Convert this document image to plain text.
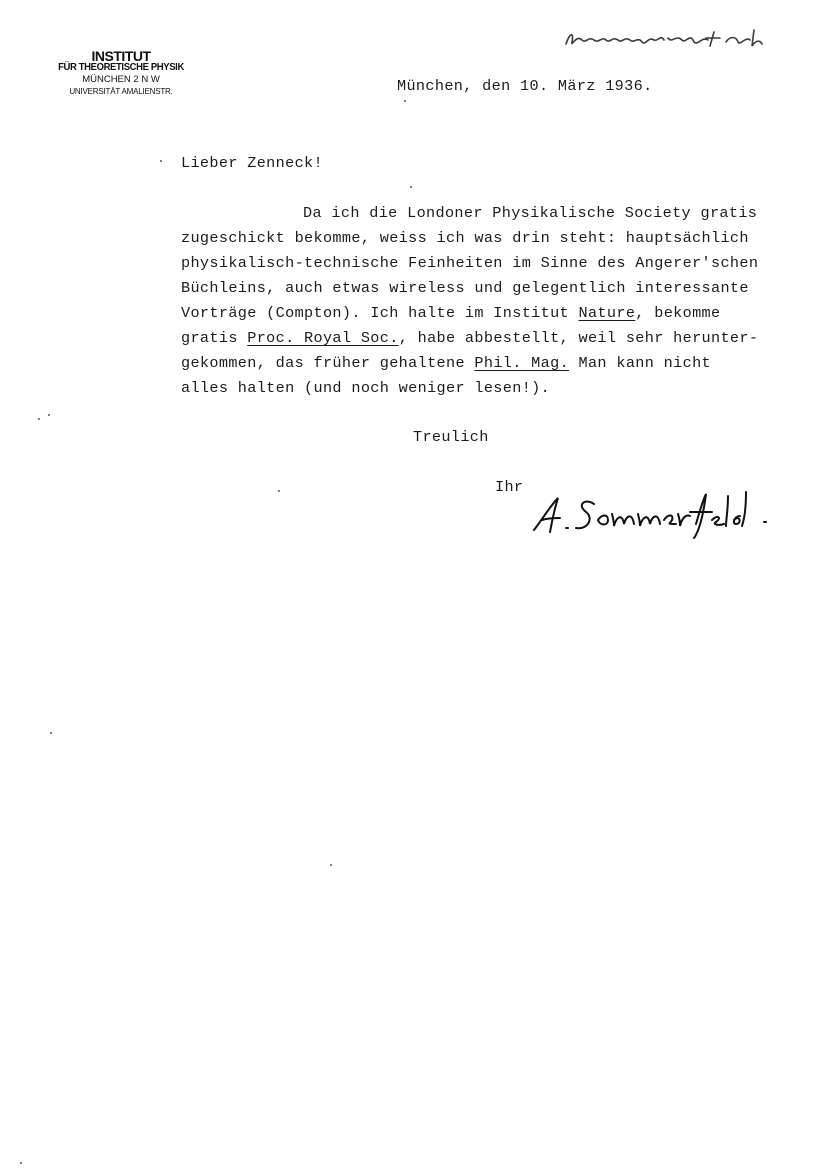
INSTITUT
FÜR THEORETISCHE PHYSIK
MÜNCHEN 2 N W
UNIVERSITÄT AMALIENSTR.	München, den 10. März 1936.
Lieber Zenneck!
Da ich die Londoner Physikalische Society gratis
zugeschickt bekomme, weiss ich was drin steht: hauptsächlich
physikalisch-technische Feinheiten im Sinne des Angerer'schen
Büchleins, auch etwas wireless und gelegentlich interessante
Vorträge (Compton). Ich halte im Institut Nature, bekomme
gratis Proc. Royal Soc., habe abbestellt, weil sehr herunter-
gekommen, das früher gehaltene Phil. Mag. Man kann nicht
alles halten (und noch weniger lesen!).
Treulich
Ihr
